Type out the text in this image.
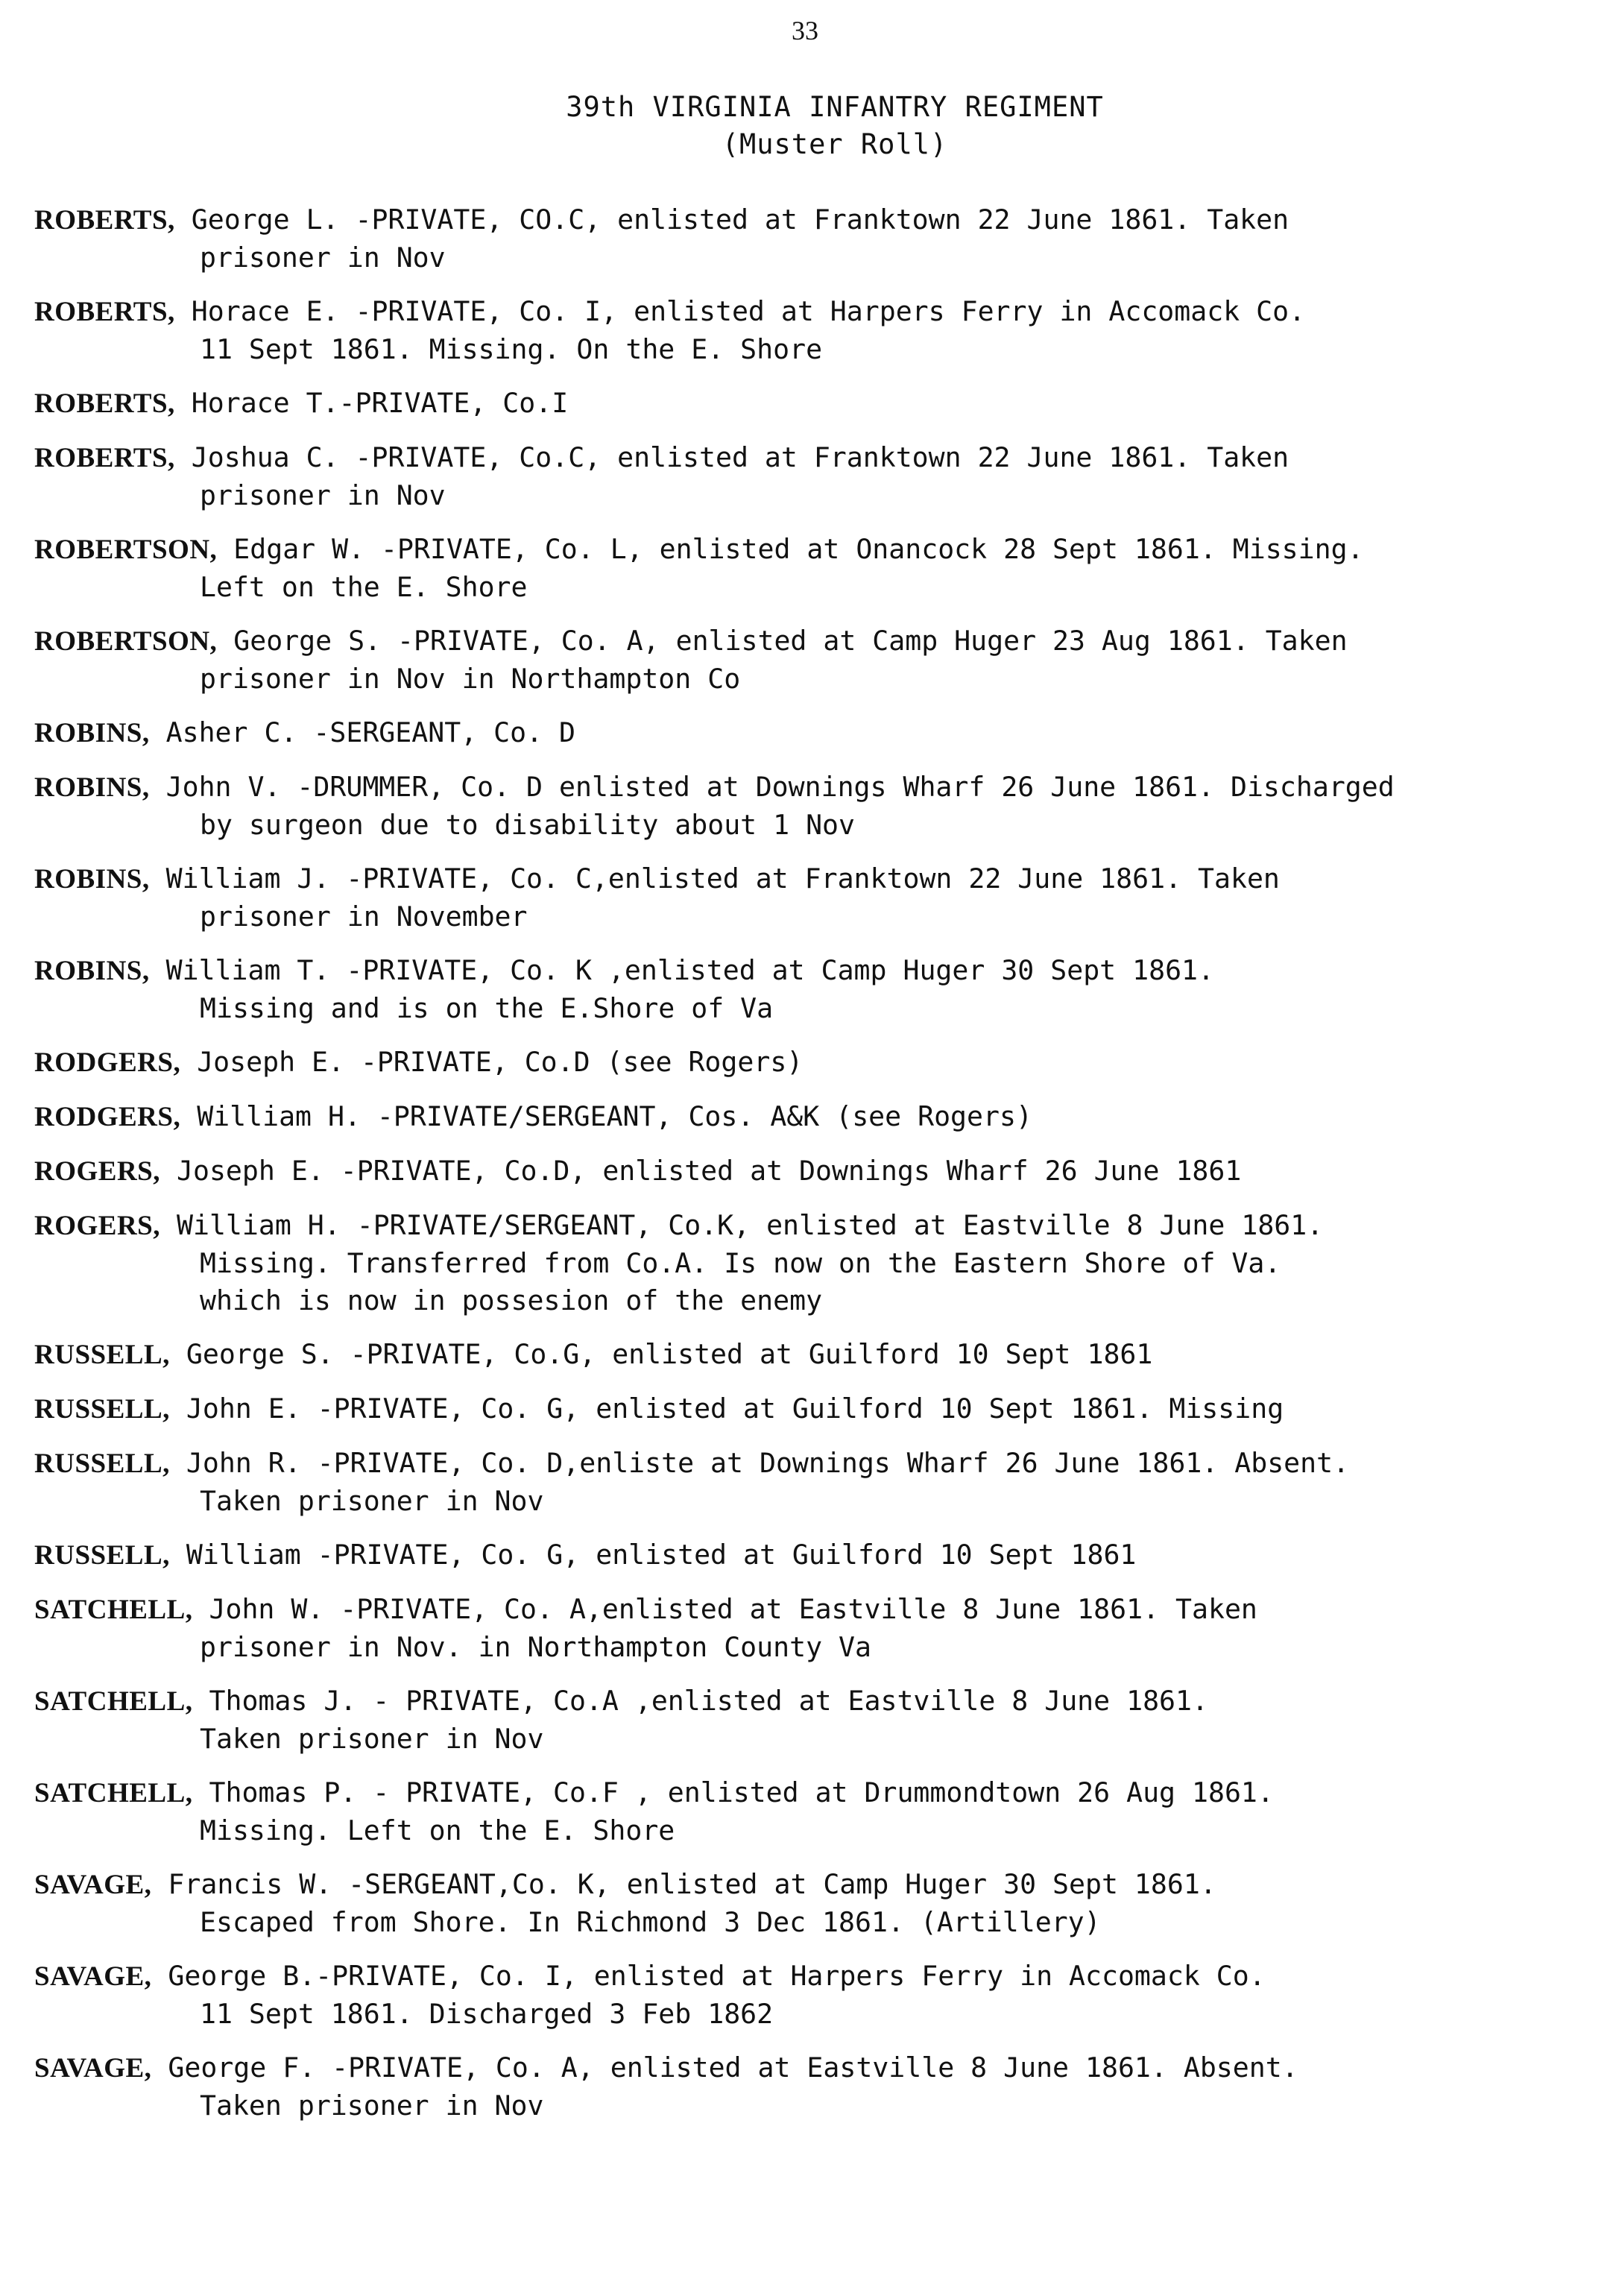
33
39th VIRGINIA INFANTRY REGIMENT
(Muster Roll)
ROBERTS, George L. -PRIVATE, CO.C, enlisted at Franktown 22 June 1861. Taken
prisoner in Nov
ROBERTS, Horace E. -PRIVATE, Co. I, enlisted at Harpers Ferry in Accomack Co.
11 Sept 1861. Missing. On the E. Shore
ROBERTS, Horace T.-PRIVATE, Co.I
ROBERTS, Joshua C. -PRIVATE, Co.C, enlisted at Franktown 22 June 1861. Taken
prisoner in Nov
ROBERTSON, Edgar W. -PRIVATE, Co. L, enlisted at Onancock 28 Sept 1861. Missing.
Left on the E. Shore
ROBERTSON, George S. -PRIVATE, Co. A, enlisted at Camp Huger 23 Aug 1861. Taken
prisoner in Nov in Northampton Co
ROBINS, Asher C. -SERGEANT, Co. D
ROBINS, John V. -DRUMMER, Co. D enlisted at Downings Wharf 26 June 1861. Discharged
by surgeon due to disability about 1 Nov
ROBINS, William J. -PRIVATE, Co. C,enlisted at Franktown 22 June 1861. Taken
prisoner in November
ROBINS, William T. -PRIVATE, Co. K ,enlisted at Camp Huger 30 Sept 1861.
Missing and is on the E.Shore of Va
RODGERS, Joseph E. -PRIVATE, Co.D (see Rogers)
RODGERS, William H. -PRIVATE/SERGEANT, Cos. A&K (see Rogers)
ROGERS, Joseph E. -PRIVATE, Co.D, enlisted at Downings Wharf 26 June 1861
ROGERS, William H. -PRIVATE/SERGEANT, Co.K, enlisted at Eastville 8 June 1861.
Missing. Transferred from Co.A. Is now on the Eastern Shore of Va.
which is now in possesion of the enemy
RUSSELL, George S. -PRIVATE, Co.G, enlisted at Guilford 10 Sept 1861
RUSSELL, John E. -PRIVATE, Co. G, enlisted at Guilford 10 Sept 1861. Missing
RUSSELL, John R. -PRIVATE, Co. D,enliste at Downings Wharf 26 June 1861. Absent.
Taken prisoner in Nov
RUSSELL, William -PRIVATE, Co. G, enlisted at Guilford 10 Sept 1861
SATCHELL, John W. -PRIVATE, Co. A,enlisted at Eastville 8 June 1861. Taken
prisoner in Nov. in Northampton County Va
SATCHELL, Thomas J. - PRIVATE, Co.A ,enlisted at Eastville 8 June 1861.
Taken prisoner in Nov
SATCHELL, Thomas P. - PRIVATE, Co.F , enlisted at Drummondtown 26 Aug 1861.
Missing. Left on the E. Shore
SAVAGE, Francis W. -SERGEANT,Co. K, enlisted at Camp Huger 30 Sept 1861.
Escaped from Shore. In Richmond 3 Dec 1861. (Artillery)
SAVAGE, George B.-PRIVATE, Co. I, enlisted at Harpers Ferry in Accomack Co.
11 Sept 1861. Discharged 3 Feb 1862
SAVAGE, George F. -PRIVATE, Co. A, enlisted at Eastville 8 June 1861. Absent.
Taken prisoner in Nov
